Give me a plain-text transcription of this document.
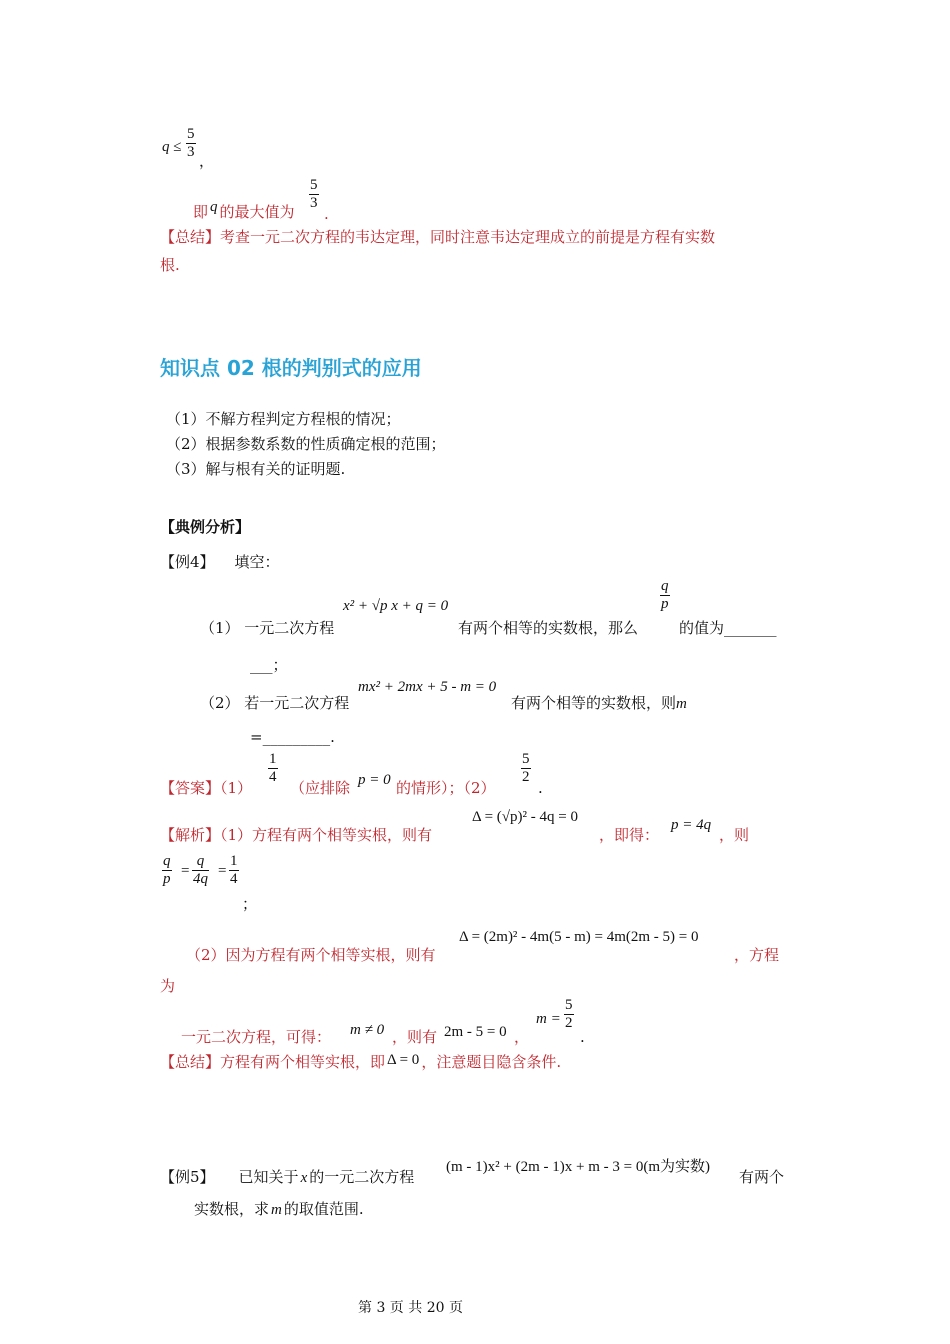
$q \le \frac{5}{3}$ ，
即 q 的最大值为 $\frac{5}{3}$
.
【总结】考查一元二次方程的韦达定理，同时注意韦达定理成立的前提是方程有实数
根.
知识点 02 根的判别式的应用
（1）不解方程判定方程根的情况；
（2）根据参数系数的性质确定根的范围；
（3）解与根有关的证明题.
【典例分析】
【例4】 填空：
（1） 一元二次方程
x² + √p x + q = 0
有两个相等的实数根，那么
$\frac{q}{p}$
的值为_______
___；
（2） 若一元二次方程
mx² + 2mx + 5 - m = 0
有两个相等的实数根，则m
=_________.
【答案】（1）
$\frac{1}{4}$
（应排除 p = 0 的情形）；（2）
$\frac{5}{2}$
.
【解析】（1）方程有两个相等实根，则有
Δ = (√p)² - 4q = 0
，即得：
p = 4q
，则
$\frac{q}{p} = \frac{q}{4q} = \frac{1}{4}$
；
（2）因为方程有两个相等实根，则有
Δ = (2m)² - 4m(5 - m) = 4m(2m - 5) = 0
，方程
为
一元二次方程，可得： m ≠ 0 ，则有 2m - 5 = 0 ，
$m = \frac{5}{2}$
.
【总结】方程有两个相等实根，即 Δ = 0 ，注意题目隐含条件.
【例5】 已知关于 x 的一元二次方程
(m - 1)x² + (2m - 1)x + m - 3 = 0(m为实数)
有两个
实数根，求 m 的取值范围.
第 3 页 共 20 页
